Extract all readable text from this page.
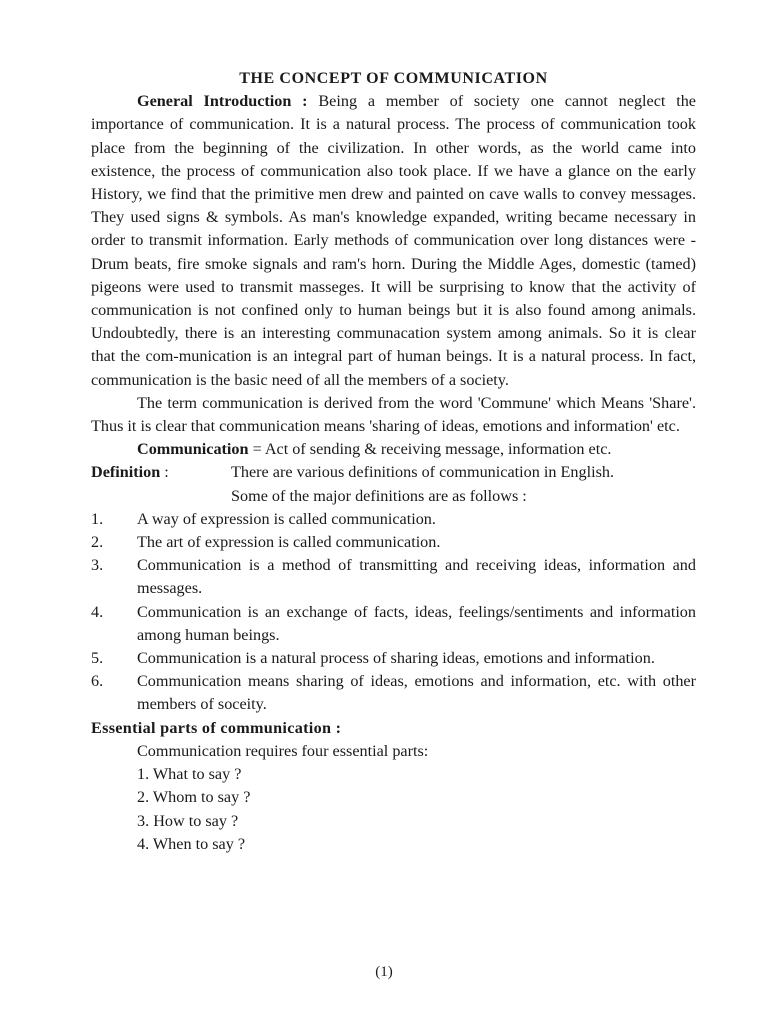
THE CONCEPT OF COMMUNICATION

General Introduction : Being a member of society one cannot neglect the importance of communication. It is a natural process. The process of communication took place from the beginning of the civilization. In other words, as the world came into existence, the process of communication also took place. If we have a glance on the early History, we find that the primitive men drew and painted on cave walls to convey messages. They used signs & symbols. As man's knowledge expanded, writing became necessary in order to transmit information. Early methods of communication over long distances were - Drum beats, fire smoke signals and ram's horn. During the Middle Ages, domestic (tamed) pigeons were used to transmit masseges. It will be surprising to know that the activity of communication is not confined only to human beings but it is also found among animals. Undoubtedly, there is an interesting communacation system among animals. So it is clear that the com-munication is an integral part of human beings. It is a natural process. In fact, communication is the basic need of all the members of a society.

The term communication is derived from the word 'Commune' which Means 'Share'. Thus it is clear that communication means 'sharing of ideas, emotions and information' etc.

Communication = Act of sending & receiving message, information etc.

Definition :	There are various definitions of communication in English.
Some of the major definitions are as follows :
1.	A way of expression is called communication.
2.	The art of expression is called communication.
3.	Communication is a method of transmitting and receiving ideas, information and messages.
4.	Communication is an exchange of facts, ideas, feelings/sentiments and information among human beings.
5.	Communication is a natural process of sharing ideas, emotions and information.
6.	Communication means sharing of ideas, emotions and information, etc. with other members of soceity.
Essential parts of communication :
Communication requires four essential parts:
1. What to say ?
2. Whom to say ?
3. How to say ?
4. When to say ?
(1)
